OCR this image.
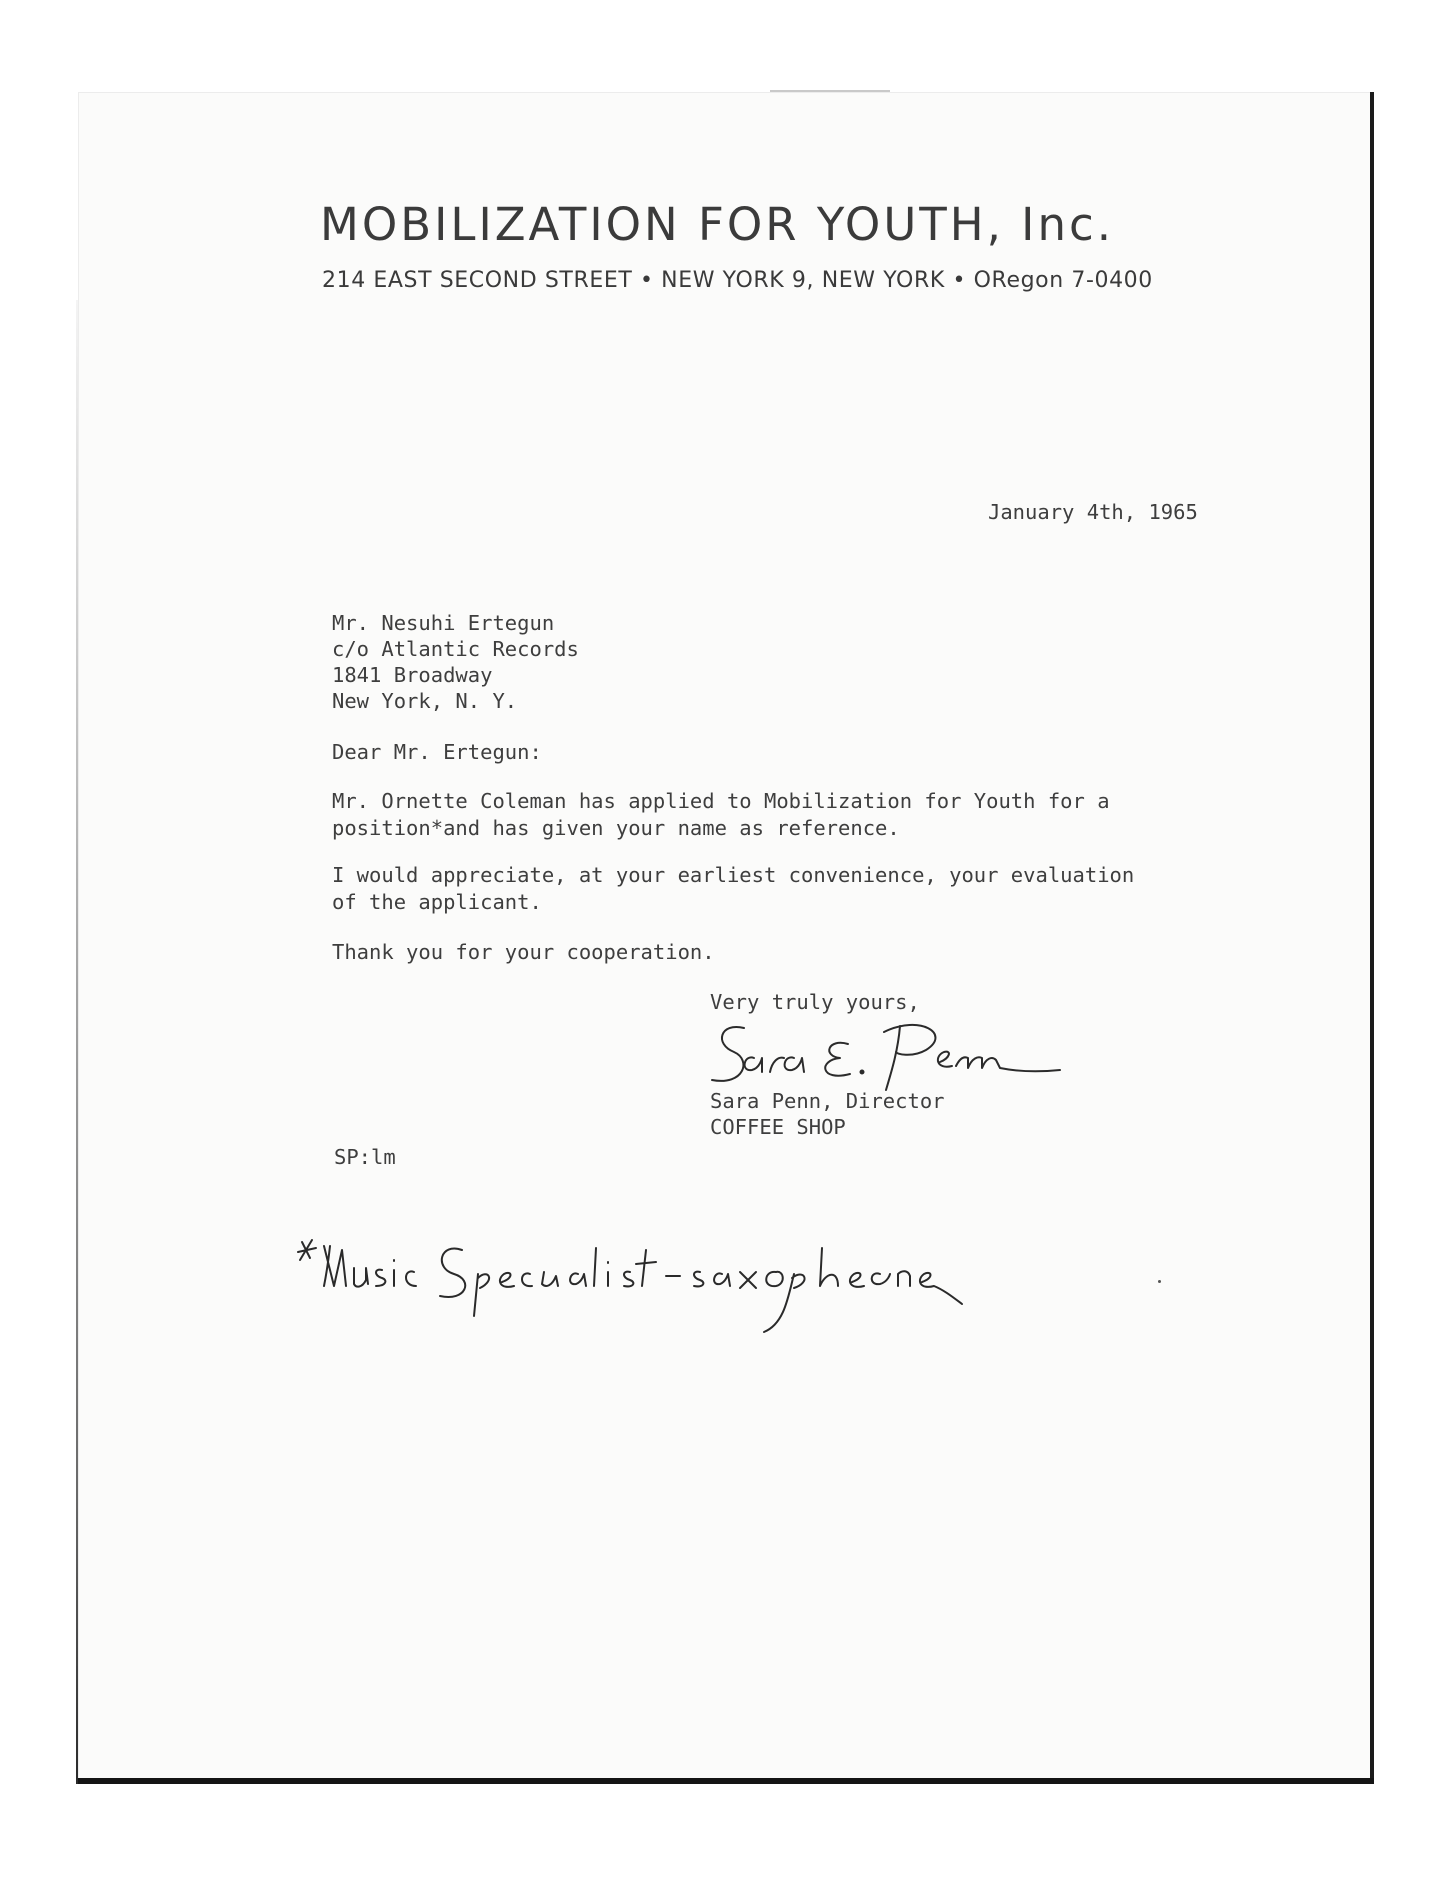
MOBILIZATION FOR YOUTH, Inc.
214 EAST SECOND STREET • NEW YORK 9, NEW YORK • ORegon 7-0400
January 4th, 1965
Mr. Nesuhi Ertegun
c/o Atlantic Records
1841 Broadway
New York, N. Y.
Dear Mr. Ertegun:
Mr. Ornette Coleman has applied to Mobilization for Youth for a
position*and has given your name as reference.
I would appreciate, at your earliest convenience, your evaluation
of the applicant.
Thank you for your cooperation.
Very truly yours,
Sara Penn, Director
COFFEE SHOP
SP:lm
